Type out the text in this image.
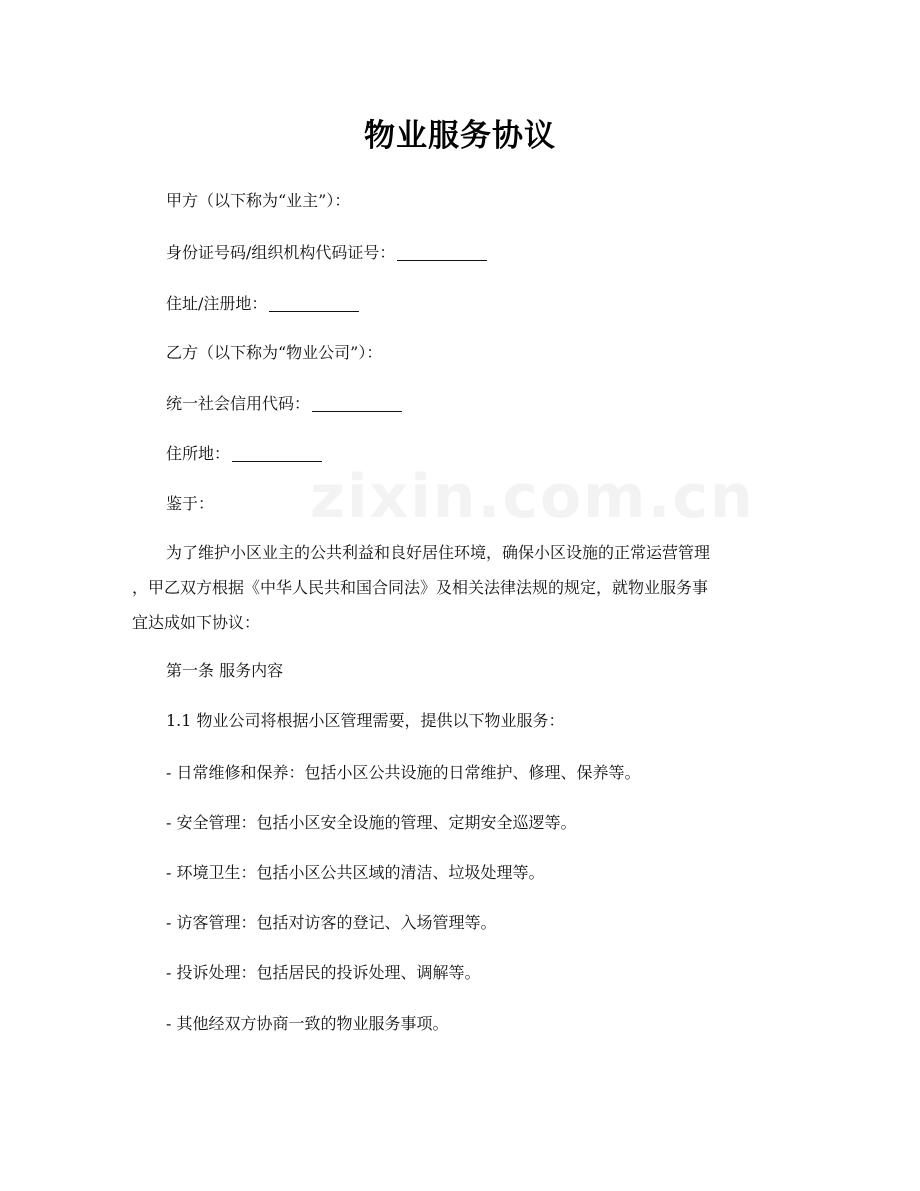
zixin.com.cn
物业服务协议
甲方（以下称为“业主”）：
身份证号码/组织机构代码证号：
住址/注册地：
乙方（以下称为“物业公司”）：
统一社会信用代码：
住所地：
鉴于：
为了维护小区业主的公共利益和良好居住环境，确保小区设施的正常运营管理
，甲乙双方根据《中华人民共和国合同法》及相关法律法规的规定，就物业服务事
宜达成如下协议：
第一条 服务内容
1.1 物业公司将根据小区管理需要，提供以下物业服务：
- 日常维修和保养：包括小区公共设施的日常维护、修理、保养等。
- 安全管理：包括小区安全设施的管理、定期安全巡逻等。
- 环境卫生：包括小区公共区域的清洁、垃圾处理等。
- 访客管理：包括对访客的登记、入场管理等。
- 投诉处理：包括居民的投诉处理、调解等。
- 其他经双方协商一致的物业服务事项。
